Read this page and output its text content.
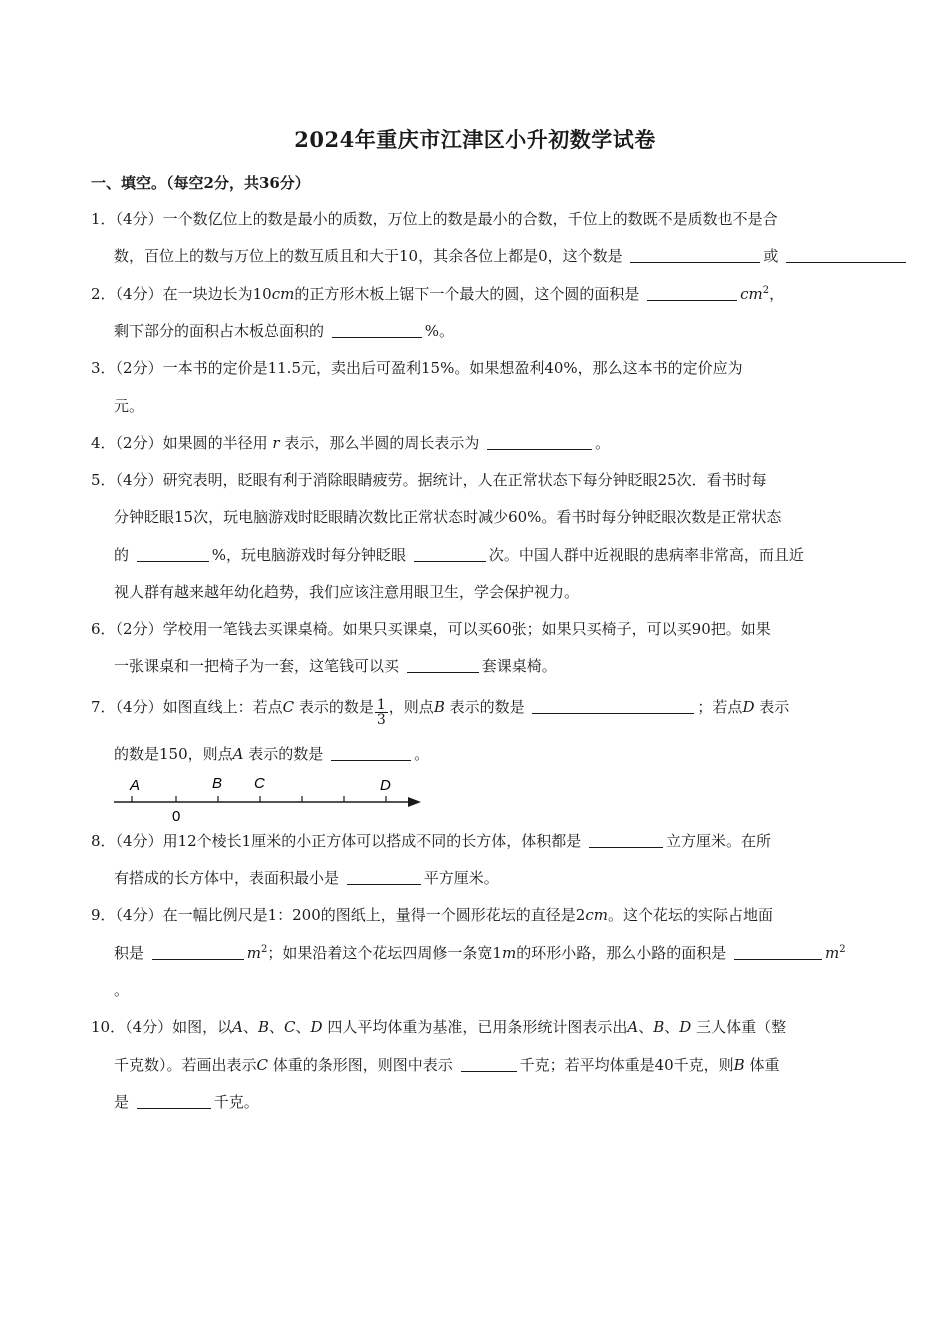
2024年重庆市江津区小升初数学试卷
一、填空。（每空2分，共36分）
1．（4分）一个数亿位上的数是最小的质数，万位上的数是最小的合数，千位上的数既不是质数也不是合
数，百位上的数与万位上的数互质且和大于10，其余各位上都是0，这个数是	或
2．（4分）在一块边长为10cm的正方形木板上锯下一个最大的圆，这个圆的面积是	$cm^2$，
剩下部分的面积占木板总面积的	%。
3．（2分）一本书的定价是11.5元，卖出后可盈利15%。如果想盈利40%，那么这本书的定价应为
元。
4．（2分）如果圆的半径用 r 表示，那么半圆的周长表示为	。
5．（4分）研究表明，眨眼有利于消除眼睛疲劳。据统计，人在正常状态下每分钟眨眼25次．看书时每
分钟眨眼15次，玩电脑游戏时眨眼睛次数比正常状态时减少60%。看书时每分钟眨眼次数是正常状态
的	%，玩电脑游戏时每分钟眨眼	次。中国人群中近视眼的患病率非常高，而且近
视人群有越来越年幼化趋势，我们应该注意用眼卫生，学会保护视力。
6．（2分）学校用一笔钱去买课桌椅。如果只买课桌，可以买60张；如果只买椅子，可以买90把。如果
一张课桌和一把椅子为一套，这笔钱可以买	套课桌椅。
7．（4分）如图直线上：若点C 表示的数是 $\frac{1}{3}$ ，则点B 表示的数是	；若点D 表示
的数是150，则点A 表示的数是	。
A	B C	D
0
8．（4分）用12个棱长1厘米的小正方体可以搭成不同的长方体，体积都是	立方厘米。在所
有搭成的长方体中，表面积最小是	平方厘米。
9．（4分）在一幅比例尺是1：200的图纸上，量得一个圆形花坛的直径是2cm。这个花坛的实际占地面
积是	$m^2$；如果沿着这个花坛四周修一条宽1m的环形小路，那么小路的面积是	$m^2$
。
10．（4分）如图，以A、B、C、D 四人平均体重为基准，已用条形统计图表示出A、B、D 三人体重（整
千克数）。若画出表示C 体重的条形图，则图中表示	千克；若平均体重是40千克，则B 体重
是	千克。
